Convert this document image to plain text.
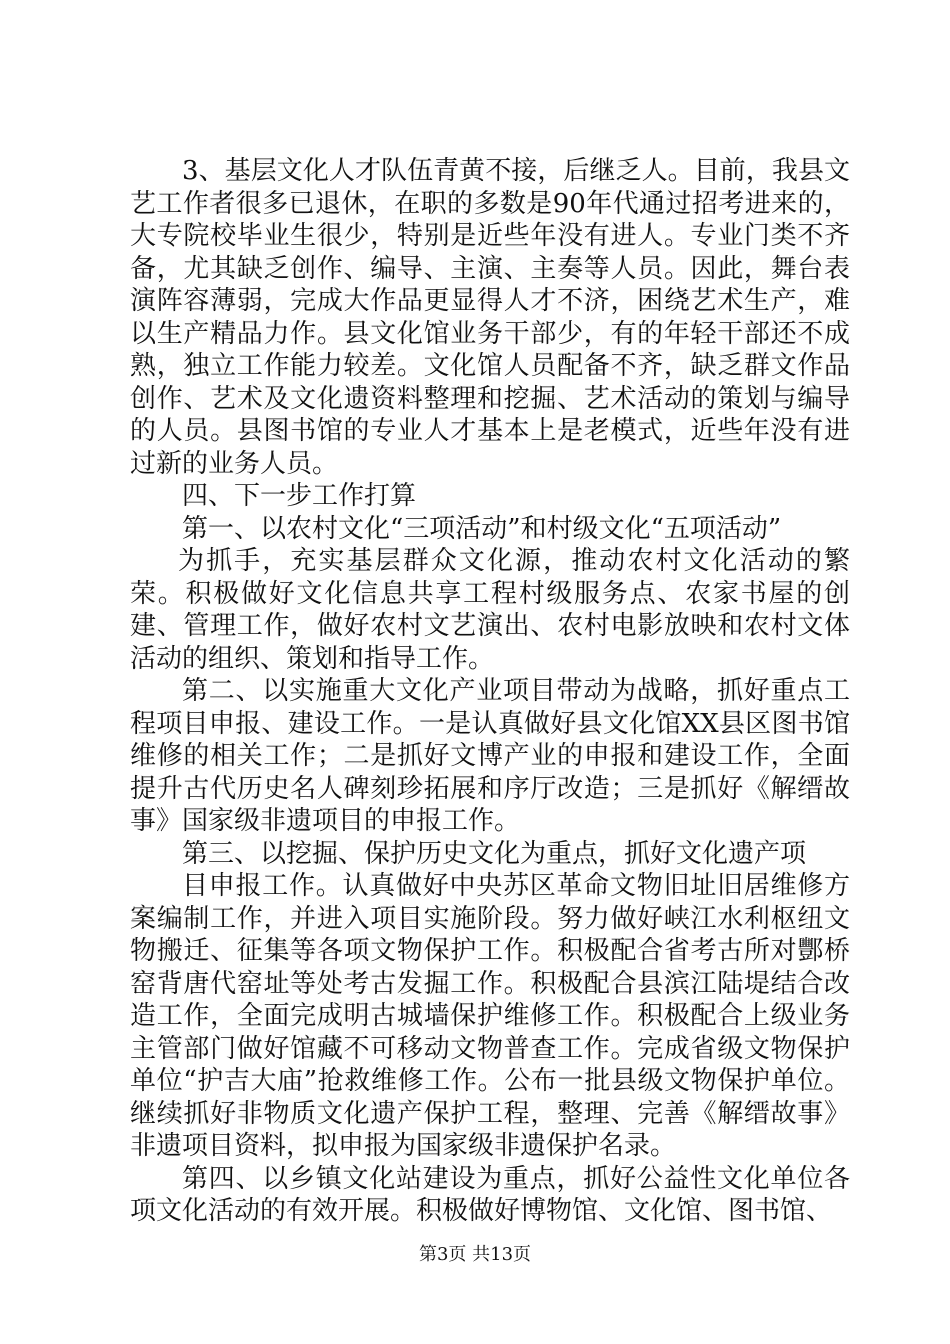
3、基层文化人才队伍青黄不接，后继乏人。目前，我县文艺工作者很多已退休，在职的多数是90年代通过招考进来的，大专院校毕业生很少，特别是近些年没有进人。专业门类不齐备，尤其缺乏创作、编导、主演、主奏等人员。因此，舞台表演阵容薄弱，完成大作品更显得人才不济，困绕艺术生产，难以生产精品力作。县文化馆业务干部少，有的年轻干部还不成熟，独立工作能力较差。文化馆人员配备不齐，缺乏群文作品创作、艺术及文化遗资料整理和挖掘、艺术活动的策划与编导的人员。县图书馆的专业人才基本上是老模式，近些年没有进过新的业务人员。

四、下一步工作打算

第一、以农村文化“三项活动”和村级文化“五项活动”

为抓手，充实基层群众文化源，推动农村文化活动的繁荣。积极做好文化信息共享工程村级服务点、农家书屋的创建、管理工作，做好农村文艺演出、农村电影放映和农村文体活动的组织、策划和指导工作。

第二、以实施重大文化产业项目带动为战略，抓好重点工程项目申报、建设工作。一是认真做好县文化馆XX县区图书馆维修的相关工作；二是抓好文博产业的申报和建设工作，全面提升古代历史名人碑刻珍拓展和序厅改造；三是抓好《解缙故事》国家级非遗项目的申报工作。

第三、以挖掘、保护历史文化为重点，抓好文化遗产项

目申报工作。认真做好中央苏区革命文物旧址旧居维修方案编制工作，并进入项目实施阶段。努力做好峡江水利枢纽文物搬迁、征集等各项文物保护工作。积极配合省考古所对酆桥窑背唐代窑址等处考古发掘工作。积极配合县滨江陆堤结合改造工作，全面完成明古城墙保护维修工作。积极配合上级业务主管部门做好馆藏不可移动文物普查工作。完成省级文物保护单位“护吉大庙”抢救维修工作。公布一批县级文物保护单位。继续抓好非物质文化遗产保护工程，整理、完善《解缙故事》非遗项目资料，拟申报为国家级非遗保护名录。

第四、以乡镇文化站建设为重点，抓好公益性文化单位各项文化活动的有效开展。积极做好博物馆、文化馆、图书馆、

第3页 共13页
